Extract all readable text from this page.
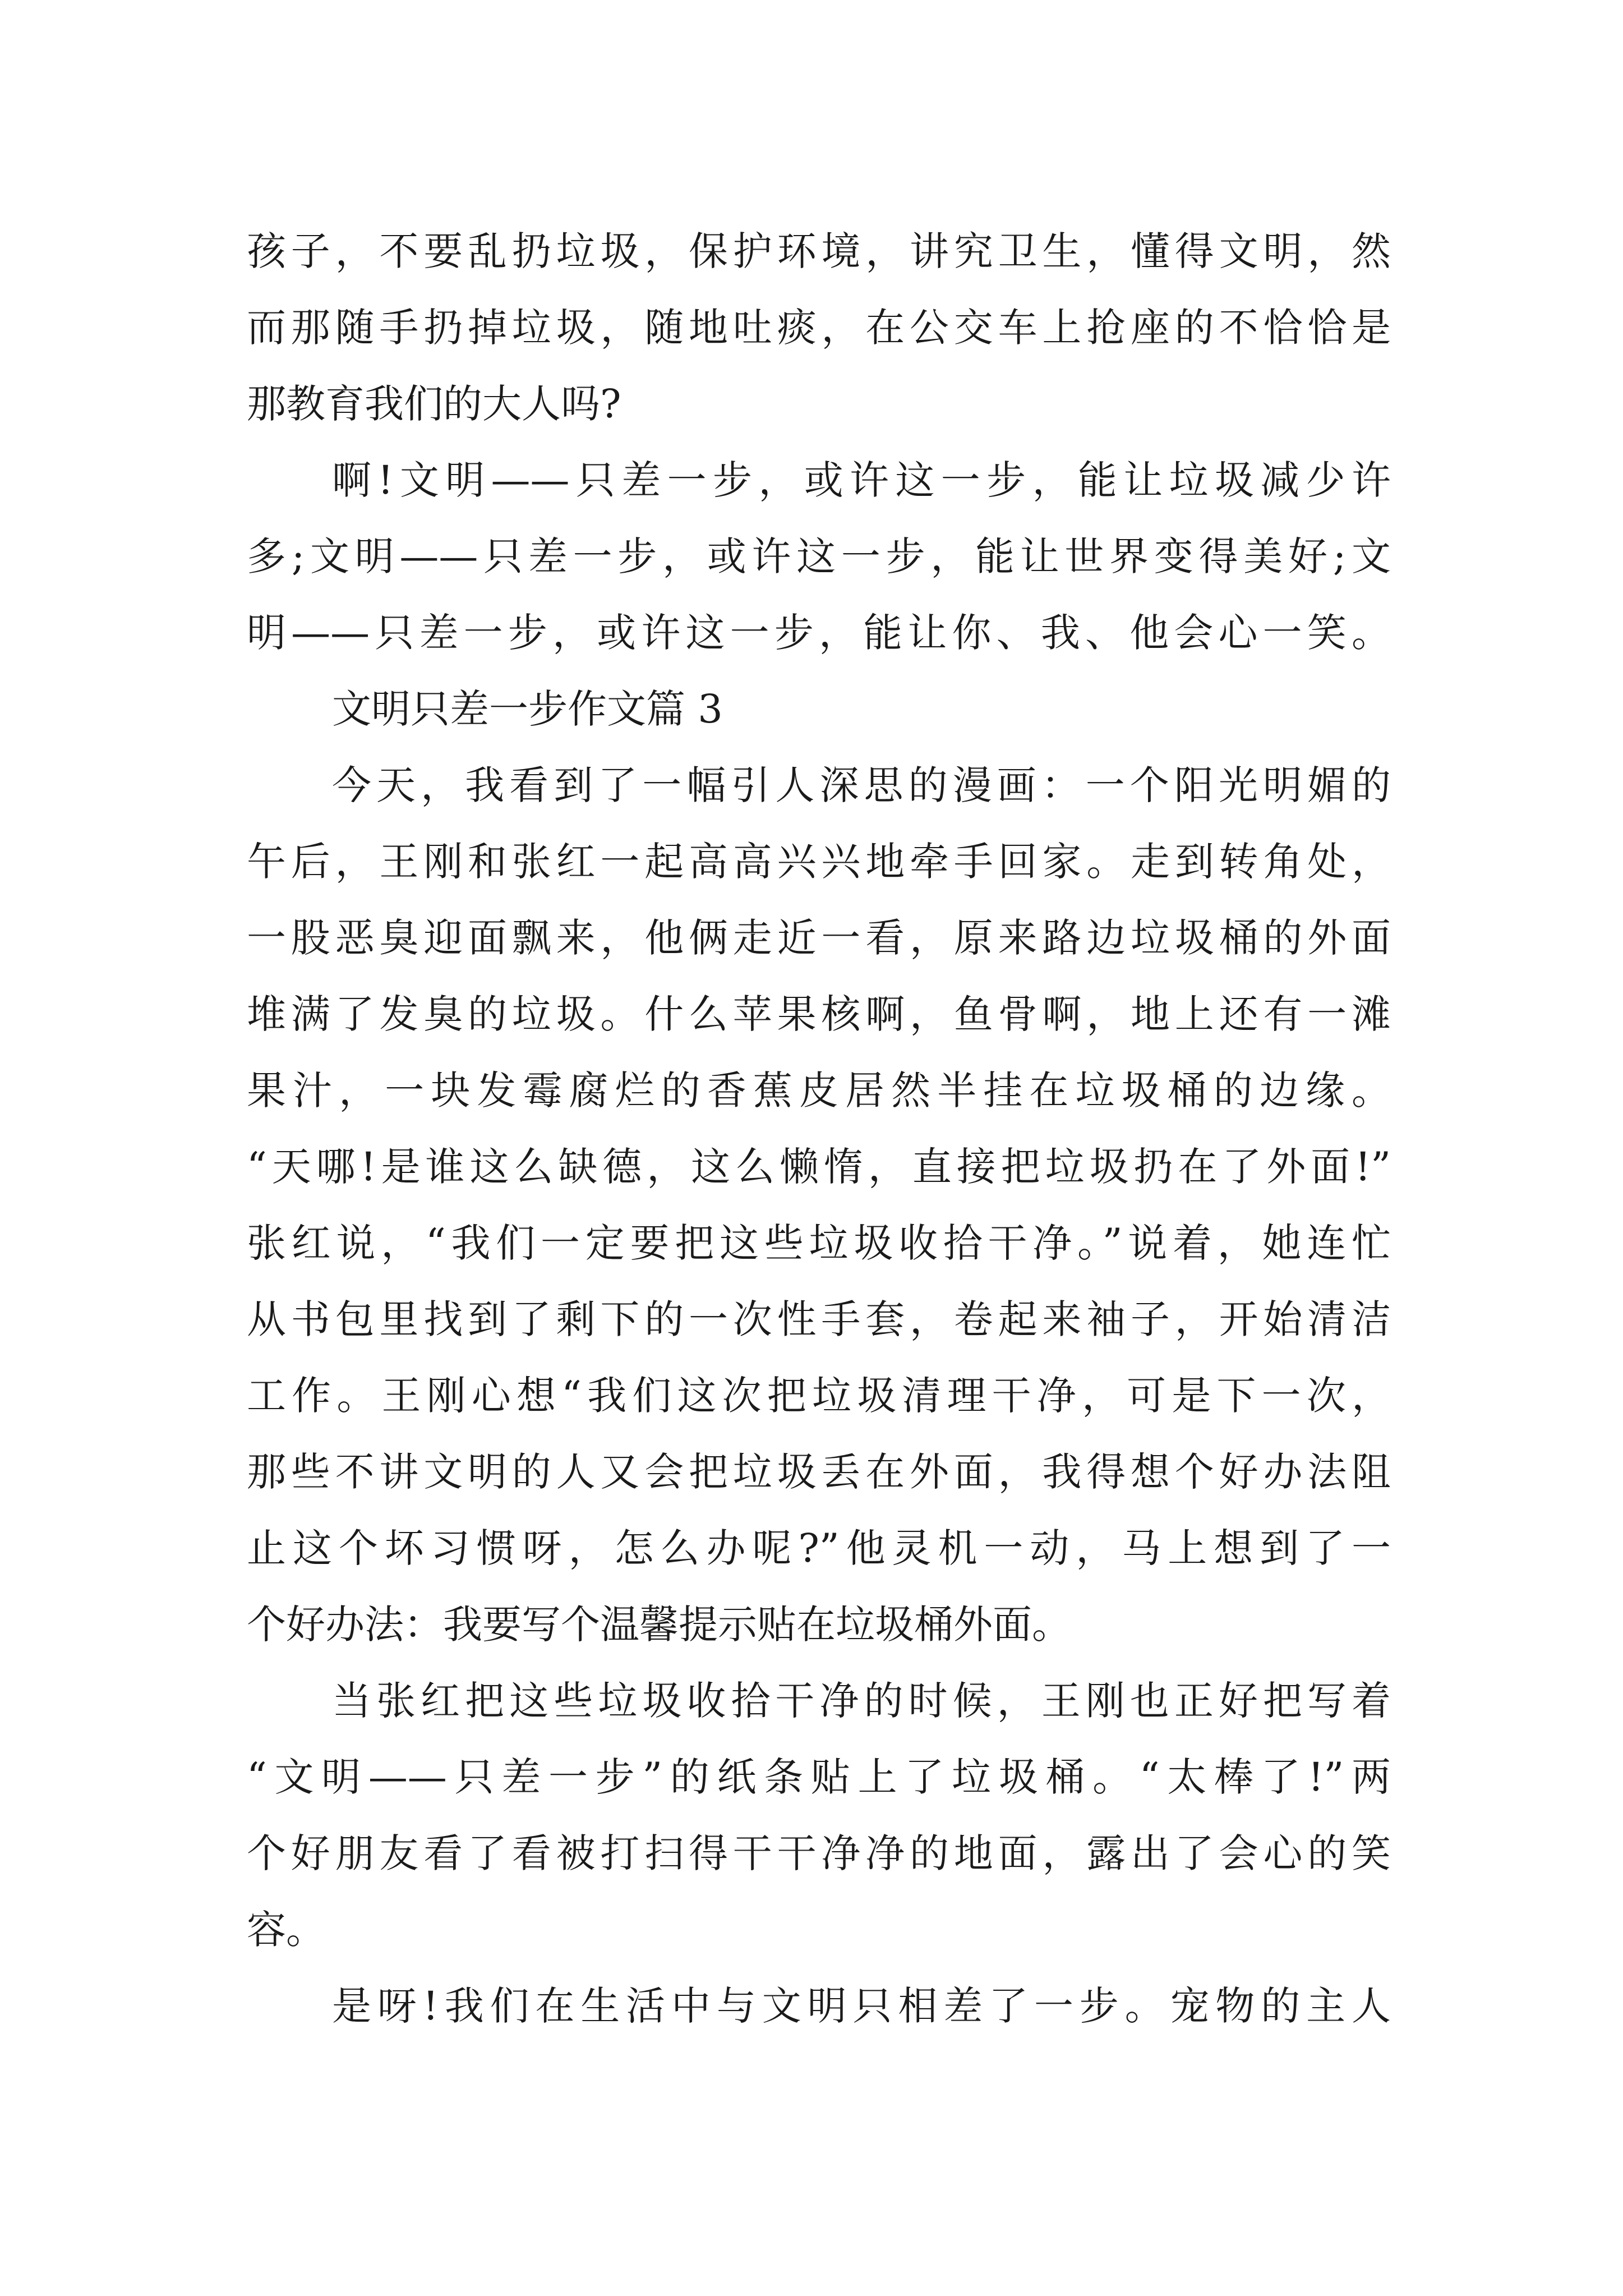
孩子，不要乱扔垃圾，保护环境，讲究卫生，懂得文明，然
而那随手扔掉垃圾，随地吐痰，在公交车上抢座的不恰恰是
那教育我们的大人吗?
啊!文明——只差一步，或许这一步，能让垃圾减少许
多;文明——只差一步，或许这一步，能让世界变得美好;文
明——只差一步，或许这一步，能让你、我、他会心一笑。
文明只差一步作文篇 3
今天，我看到了一幅引人深思的漫画：一个阳光明媚的
午后，王刚和张红一起高高兴兴地牵手回家。走到转角处，
一股恶臭迎面飘来，他俩走近一看，原来路边垃圾桶的外面
堆满了发臭的垃圾。什么苹果核啊，鱼骨啊，地上还有一滩
果汁，一块发霉腐烂的香蕉皮居然半挂在垃圾桶的边缘。
“天哪!是谁这么缺德，这么懒惰，直接把垃圾扔在了外面!”
张红说，“我们一定要把这些垃圾收拾干净。”说着，她连忙
从书包里找到了剩下的一次性手套，卷起来袖子，开始清洁
工作。王刚心想“我们这次把垃圾清理干净，可是下一次，
那些不讲文明的人又会把垃圾丢在外面，我得想个好办法阻
止这个坏习惯呀，怎么办呢?”他灵机一动，马上想到了一
个好办法：我要写个温馨提示贴在垃圾桶外面。
当张红把这些垃圾收拾干净的时候，王刚也正好把写着
“文明——只差一步”的纸条贴上了垃圾桶。“太棒了!”两
个好朋友看了看被打扫得干干净净的地面，露出了会心的笑
容。
是呀!我们在生活中与文明只相差了一步。宠物的主人
